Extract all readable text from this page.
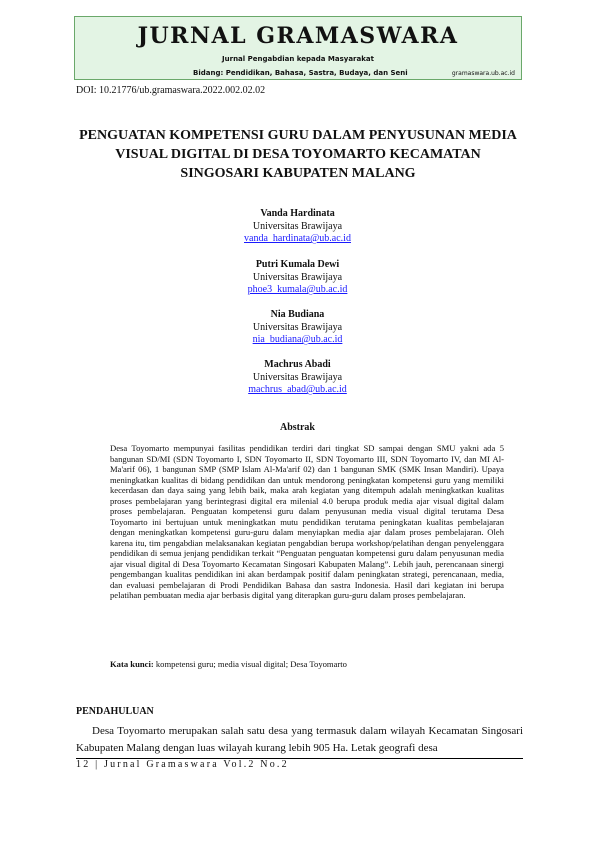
JURNAL GRAMASWARA
Jurnal Pengabdian kepada Masyarakat
Bidang: Pendidikan, Bahasa, Sastra, Budaya, dan Seni	gramaswara.ub.ac.id
DOI: 10.21776/ub.gramaswara.2022.002.02.02
PENGUATAN KOMPETENSI GURU DALAM PENYUSUNAN MEDIA
VISUAL DIGITAL DI DESA TOYOMARTO KECAMATAN
SINGOSARI KABUPATEN MALANG
Vanda Hardinata
Universitas Brawijaya
vanda_hardinata@ub.ac.id
Putri Kumala Dewi
Universitas Brawijaya
phoe3_kumala@ub.ac.id
Nia Budiana
Universitas Brawijaya
nia_budiana@ub.ac.id
Machrus Abadi
Universitas Brawijaya
machrus_abad@ub.ac.id
Abstrak

Desa Toyomarto mempunyai fasilitas pendidikan terdiri dari tingkat SD sampai dengan SMU yakni ada 5 bangunan SD/MI (SDN Toyomarto I, SDN Toyomarto II, SDN Toyomarto III, SDN Toyomarto IV, dan MI Al-Ma'arif 06), 1 bangunan SMP (SMP Islam Al-Ma'arif 02) dan 1 bangunan SMK (SMK Insan Mandiri). Upaya meningkatkan kualitas di bidang pendidikan dan untuk mendorong peningkatan kompetensi guru yang memiliki kecerdasan dan daya saing yang lebih baik, maka arah kegiatan yang ditempuh adalah meningkatkan kualitas proses pembelajaran yang berintegrasi digital era milenial 4.0 berupa produk media ajar visual digital dalam proses pembelajaran. Penguatan kompetensi guru dalam penyusunan media visual digital terutama Desa Toyomarto ini bertujuan untuk meningkatkan mutu pendidikan terutama peningkatan kualitas pembelajaran dengan meningkatkan kompetensi guru-guru dalam menyiapkan media ajar dalam proses pembelajaran. Oleh karena itu, tim pengabdian melaksanakan kegiatan pengabdian berupa workshop/pelatihan dengan penyelenggara pendidikan di semua jenjang pendidikan terkait “Penguatan penguatan kompetensi guru dalam penyusunan media ajar visual digital di Desa Toyomarto Kecamatan Singosari Kabupaten Malang”. Lebih jauh, perencanaan sinergi pengembangan kualitas pendidikan ini akan berdampak positif dalam peningkatan strategi, perencanaan, media, dan evaluasi pembelajaran di Prodi Pendidikan Bahasa dan sastra Indonesia. Hasil dari kegiatan ini berupa pelatihan pembuatan media ajar berbasis digital yang diterapkan guru-guru dalam proses pembelajaran.

Kata kunci: kompetensi guru; media visual digital; Desa Toyomarto
PENDAHULUAN

Desa Toyomarto merupakan salah satu desa yang termasuk dalam wilayah Kecamatan Singosari Kabupaten Malang dengan luas wilayah kurang lebih 905 Ha. Letak geografi desa

12 | Jurnal Gramaswara Vol.2 No.2
